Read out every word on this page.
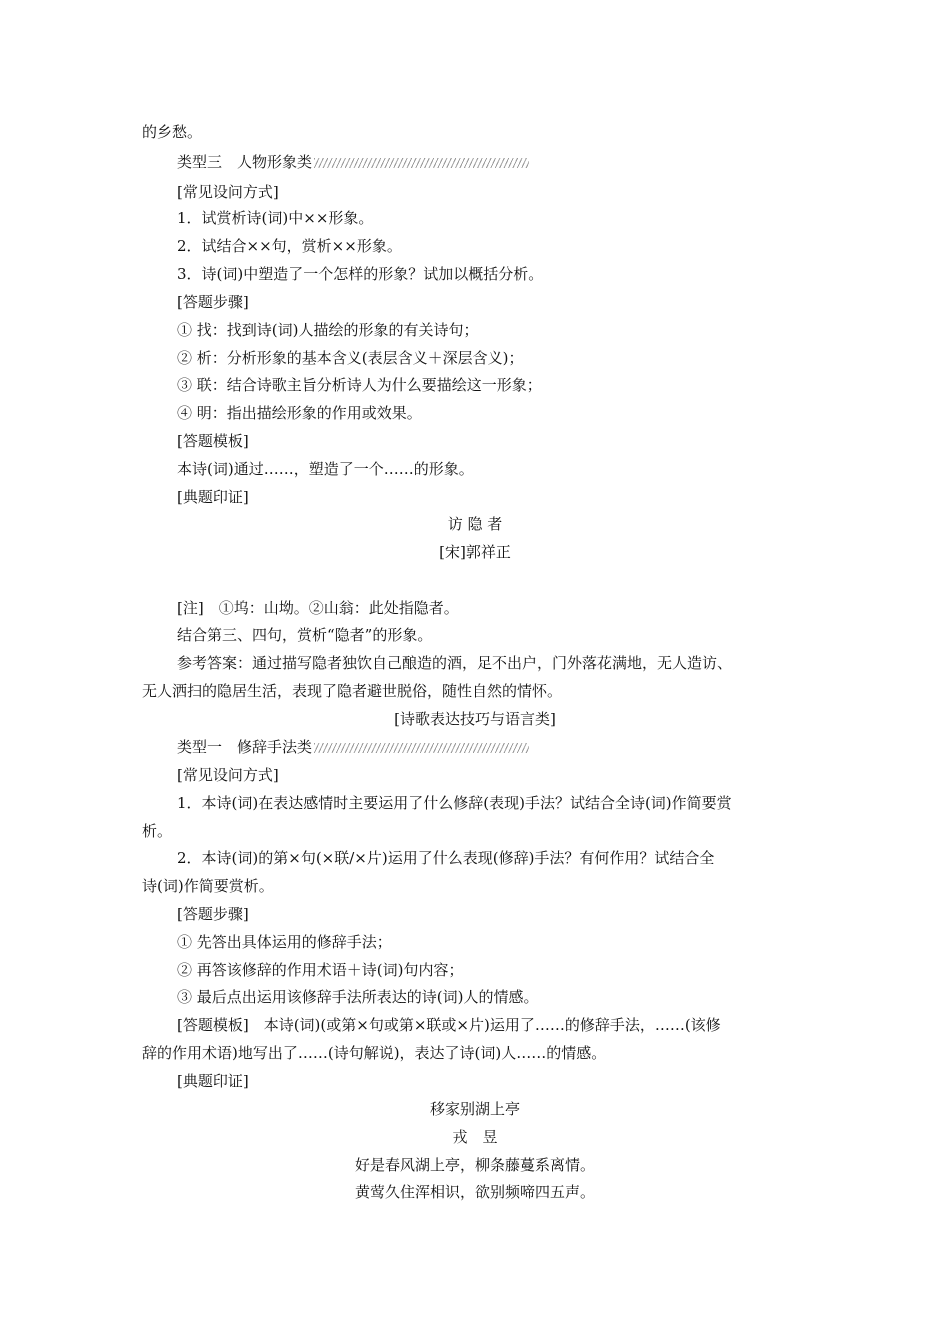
的乡愁。
类型三　人物形象类
[常见设问方式]
1．试赏析诗(词)中××形象。
2．试结合××句，赏析××形象。
3．诗(词)中塑造了一个怎样的形象？试加以概括分析。
[答题步骤]
① 找：找到诗(词)人描绘的形象的有关诗句；
② 析：分析形象的基本含义(表层含义＋深层含义)；
③ 联：结合诗歌主旨分析诗人为什么要描绘这一形象；
④ 明：指出描绘形象的作用或效果。
[答题模板]
本诗(词)通过……，塑造了一个……的形象。
[典题印证]
访 隐 者
[宋]郭祥正
[注]　①坞：山坳。②山翁：此处指隐者。
结合第三、四句，赏析“隐者”的形象。
参考答案：通过描写隐者独饮自己酿造的酒，足不出户，门外落花满地，无人造访、
无人洒扫的隐居生活，表现了隐者避世脱俗，随性自然的情怀。
[诗歌表达技巧与语言类]
类型一　修辞手法类
[常见设问方式]
1．本诗(词)在表达感情时主要运用了什么修辞(表现)手法？试结合全诗(词)作简要赏
析。
2．本诗(词)的第×句(×联/×片)运用了什么表现(修辞)手法？有何作用？试结合全
诗(词)作简要赏析。
[答题步骤]
① 先答出具体运用的修辞手法；
② 再答该修辞的作用术语＋诗(词)句内容；
③ 最后点出运用该修辞手法所表达的诗(词)人的情感。
[答题模板]　本诗(词)(或第×句或第×联或×片)运用了……的修辞手法，……(该修
辞的作用术语)地写出了……(诗句解说)，表达了诗(词)人……的情感。
[典题印证]
移家别湖上亭
戎　昱
好是春风湖上亭，柳条藤蔓系离情。
黄莺久住浑相识，欲别频啼四五声。
